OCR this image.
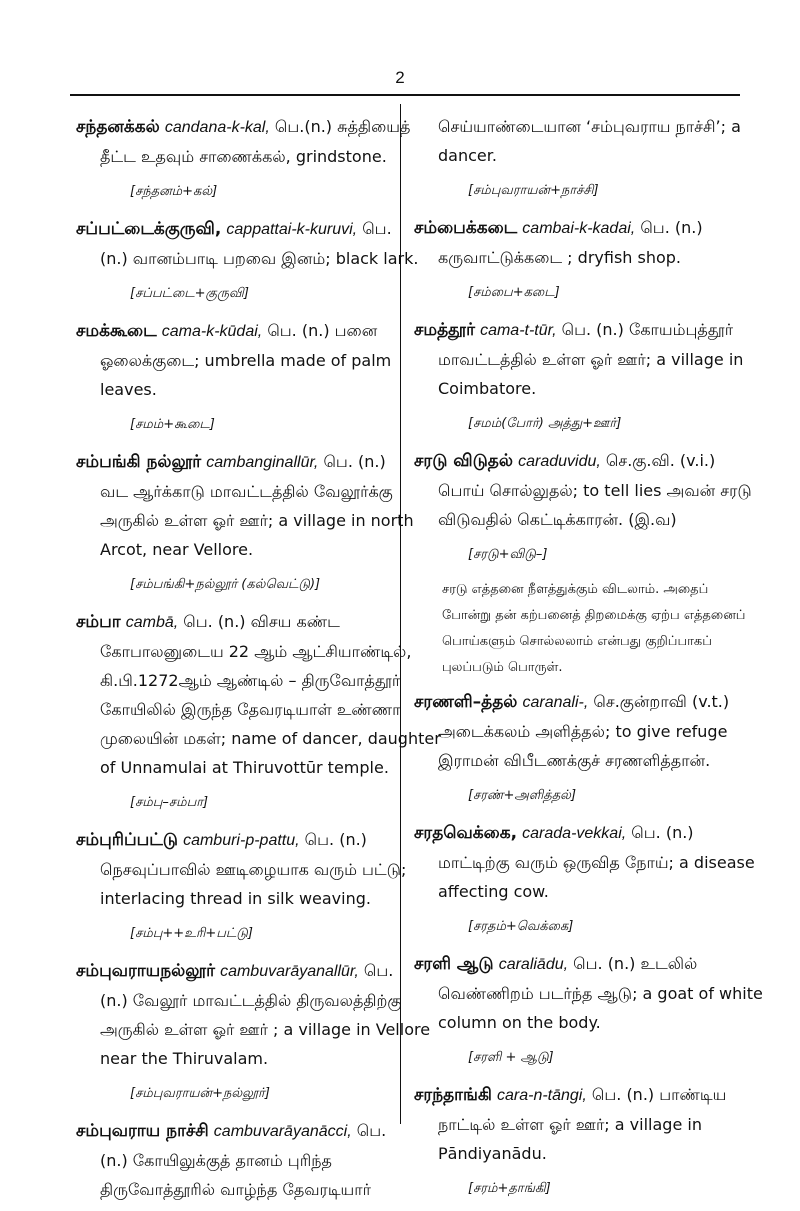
2
சந்தனக்கல் candana-k-kal, பெ.(n.) சுத்தியைத்
தீட்ட உதவும் சாணைக்கல், grindstone.
[சந்தனம்+கல்]
சப்பட்டைக்குருவி, cappattai-k-kuruvi, பெ.
(n.) வானம்பாடி பறவை இனம்; black lark.
[சப்பட்டை+குருவி]
சமக்கூடை cama-k-kūdai, பெ. (n.) பனை
ஓலைக்குடை; umbrella made of palm
leaves.
[சமம்+கூடை]
சம்பங்கி நல்லூர் cambanginallūr, பெ. (n.)
வட ஆர்க்காடு மாவட்டத்தில் வேலூர்க்கு
அருகில் உள்ள ஓர் ஊர்; a village in north
Arcot, near Vellore.
[சம்பங்கி+நல்லூர் (கல்வெட்டு)]
சம்பா cambā, பெ. (n.) விசய கண்ட
கோபாலனுடைய 22 ஆம் ஆட்சியாண்டில்,
கி.பி.1272ஆம் ஆண்டில் – திருவோத்தூர்
கோயிலில் இருந்த தேவரடியாள் உண்ணா
முலையின் மகள்; name of dancer, daughter
of Unnamulai at Thiruvottūr temple.
[சம்பு–சம்பா]
சம்புரிப்பட்டு camburi-p-pattu, பெ. (n.)
நெசவுப்பாவில் ஊடிழையாக வரும் பட்டு;
interlacing thread in silk weaving.
[சம்பு++உரி+பட்டு]
சம்புவராயநல்லூர் cambuvarāyanallūr, பெ.
(n.) வேலூர் மாவட்டத்தில் திருவலத்திற்கு
அருகில் உள்ள ஓர் ஊர் ; a village in Vellore
near the Thiruvalam.
[சம்புவராயன்+நல்லூர்]
சம்புவராய நாச்சி cambuvarāyanācci, பெ.
(n.) கோயிலுக்குத் தானம் புரிந்த
திருவோத்தூரில் வாழ்ந்த தேவரடியார்
செய்யாண்டையான ‘சம்புவராய நாச்சி’; a
dancer.
[சம்புவராயன்+நாச்சி]
சம்பைக்கடை cambai-k-kadai, பெ. (n.)
கருவாட்டுக்கடை ; dryfish shop.
[சம்பை+கடை]
சமத்தூர் cama-t-tūr, பெ. (n.) கோயம்புத்தூர்
மாவட்டத்தில் உள்ள ஓர் ஊர்; a village in
Coimbatore.
[சமம்(போர்) அத்து+ஊர்]
சரடு விடுதல் caraduvidu, செ.கு.வி. (v.i.)
பொய் சொல்லுதல்; to tell lies அவன் சரடு
விடுவதில் கெட்டிக்காரன். (இ.வ)
[சரடு+விடு–]
சரடு எத்தனை நீளத்துக்கும் விடலாம். அதைப்
போன்று தன் கற்பனைத் திறமைக்கு ஏற்ப எத்தனைப்
பொய்களும் சொல்லலாம் என்பது குறிப்பாகப்
புலப்படும் பொருள்.
சரணளி–த்தல் caranali-, செ.குன்றாவி (v.t.)
அடைக்கலம் அளித்தல்; to give refuge
இராமன் விபீடணக்குச் சரணளித்தான்.
[சரண்+அளித்தல்]
சரதவெக்கை, carada-vekkai, பெ. (n.)
மாட்டிற்கு வரும் ஒருவித நோய்; a disease
affecting cow.
[சரதம்+வெக்கை]
சரளி ஆடு caraliādu, பெ. (n.) உடலில்
வெண்ணிறம் படர்ந்த ஆடு; a goat of white
column on the body.
[சரளி + ஆடு]
சரந்தாங்கி cara-n-tāngi, பெ. (n.) பாண்டிய
நாட்டில் உள்ள ஓர் ஊர்; a village in
Pāndiyanādu.
[சரம்+தாங்கி]
